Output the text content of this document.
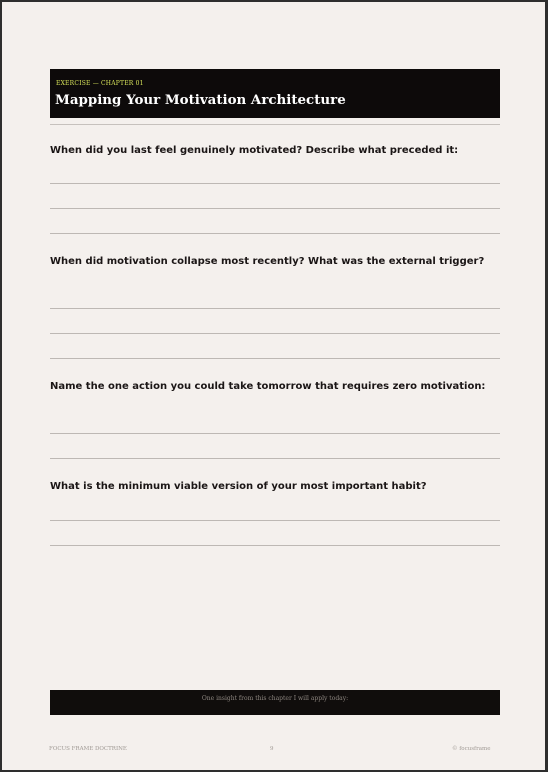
EXERCISE — CHAPTER 01
Mapping Your Motivation Architecture
When did you last feel genuinely motivated? Describe what preceded it:
When did motivation collapse most recently? What was the external trigger?
Name the one action you could take tomorrow that requires zero motivation:
What is the minimum viable version of your most important habit?
One insight from this chapter I will apply today:
FOCUS FRAME DOCTRINE	9	© focusframe
